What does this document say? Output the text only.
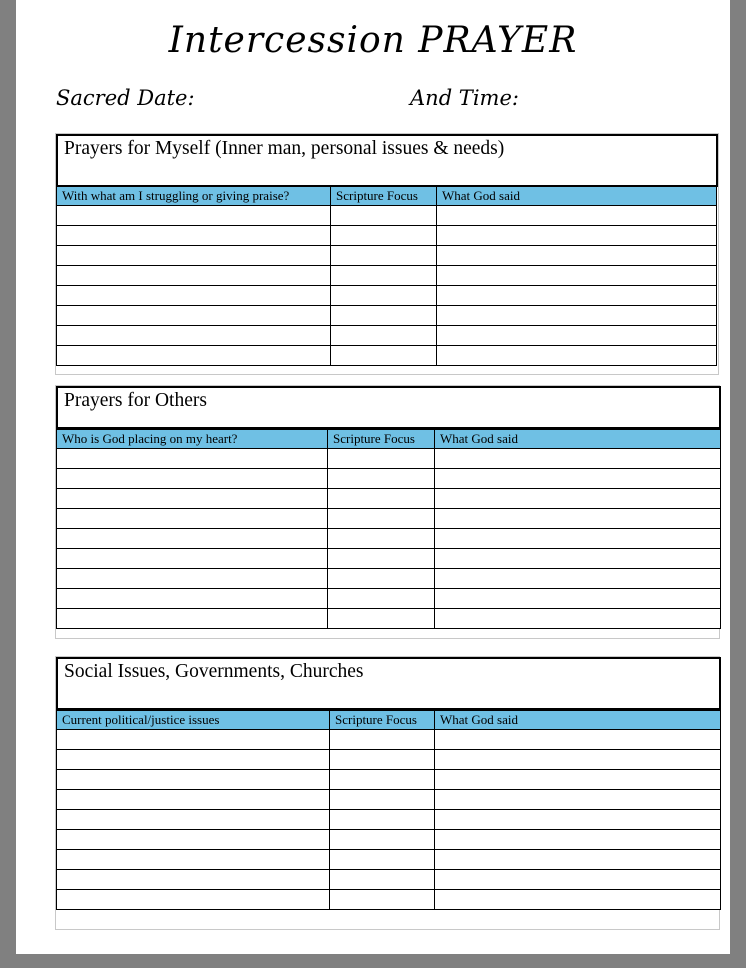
Intercession PRAYER
Sacred Date:	And Time:
Prayers for Myself (Inner man, personal issues & needs)
With what am I struggling or giving praise?	Scripture Focus	What God said

Prayers for Others
Who is God placing on my heart?	Scripture Focus	What God said

Social Issues, Governments, Churches
Current political/justice issues	Scripture Focus	What God said
